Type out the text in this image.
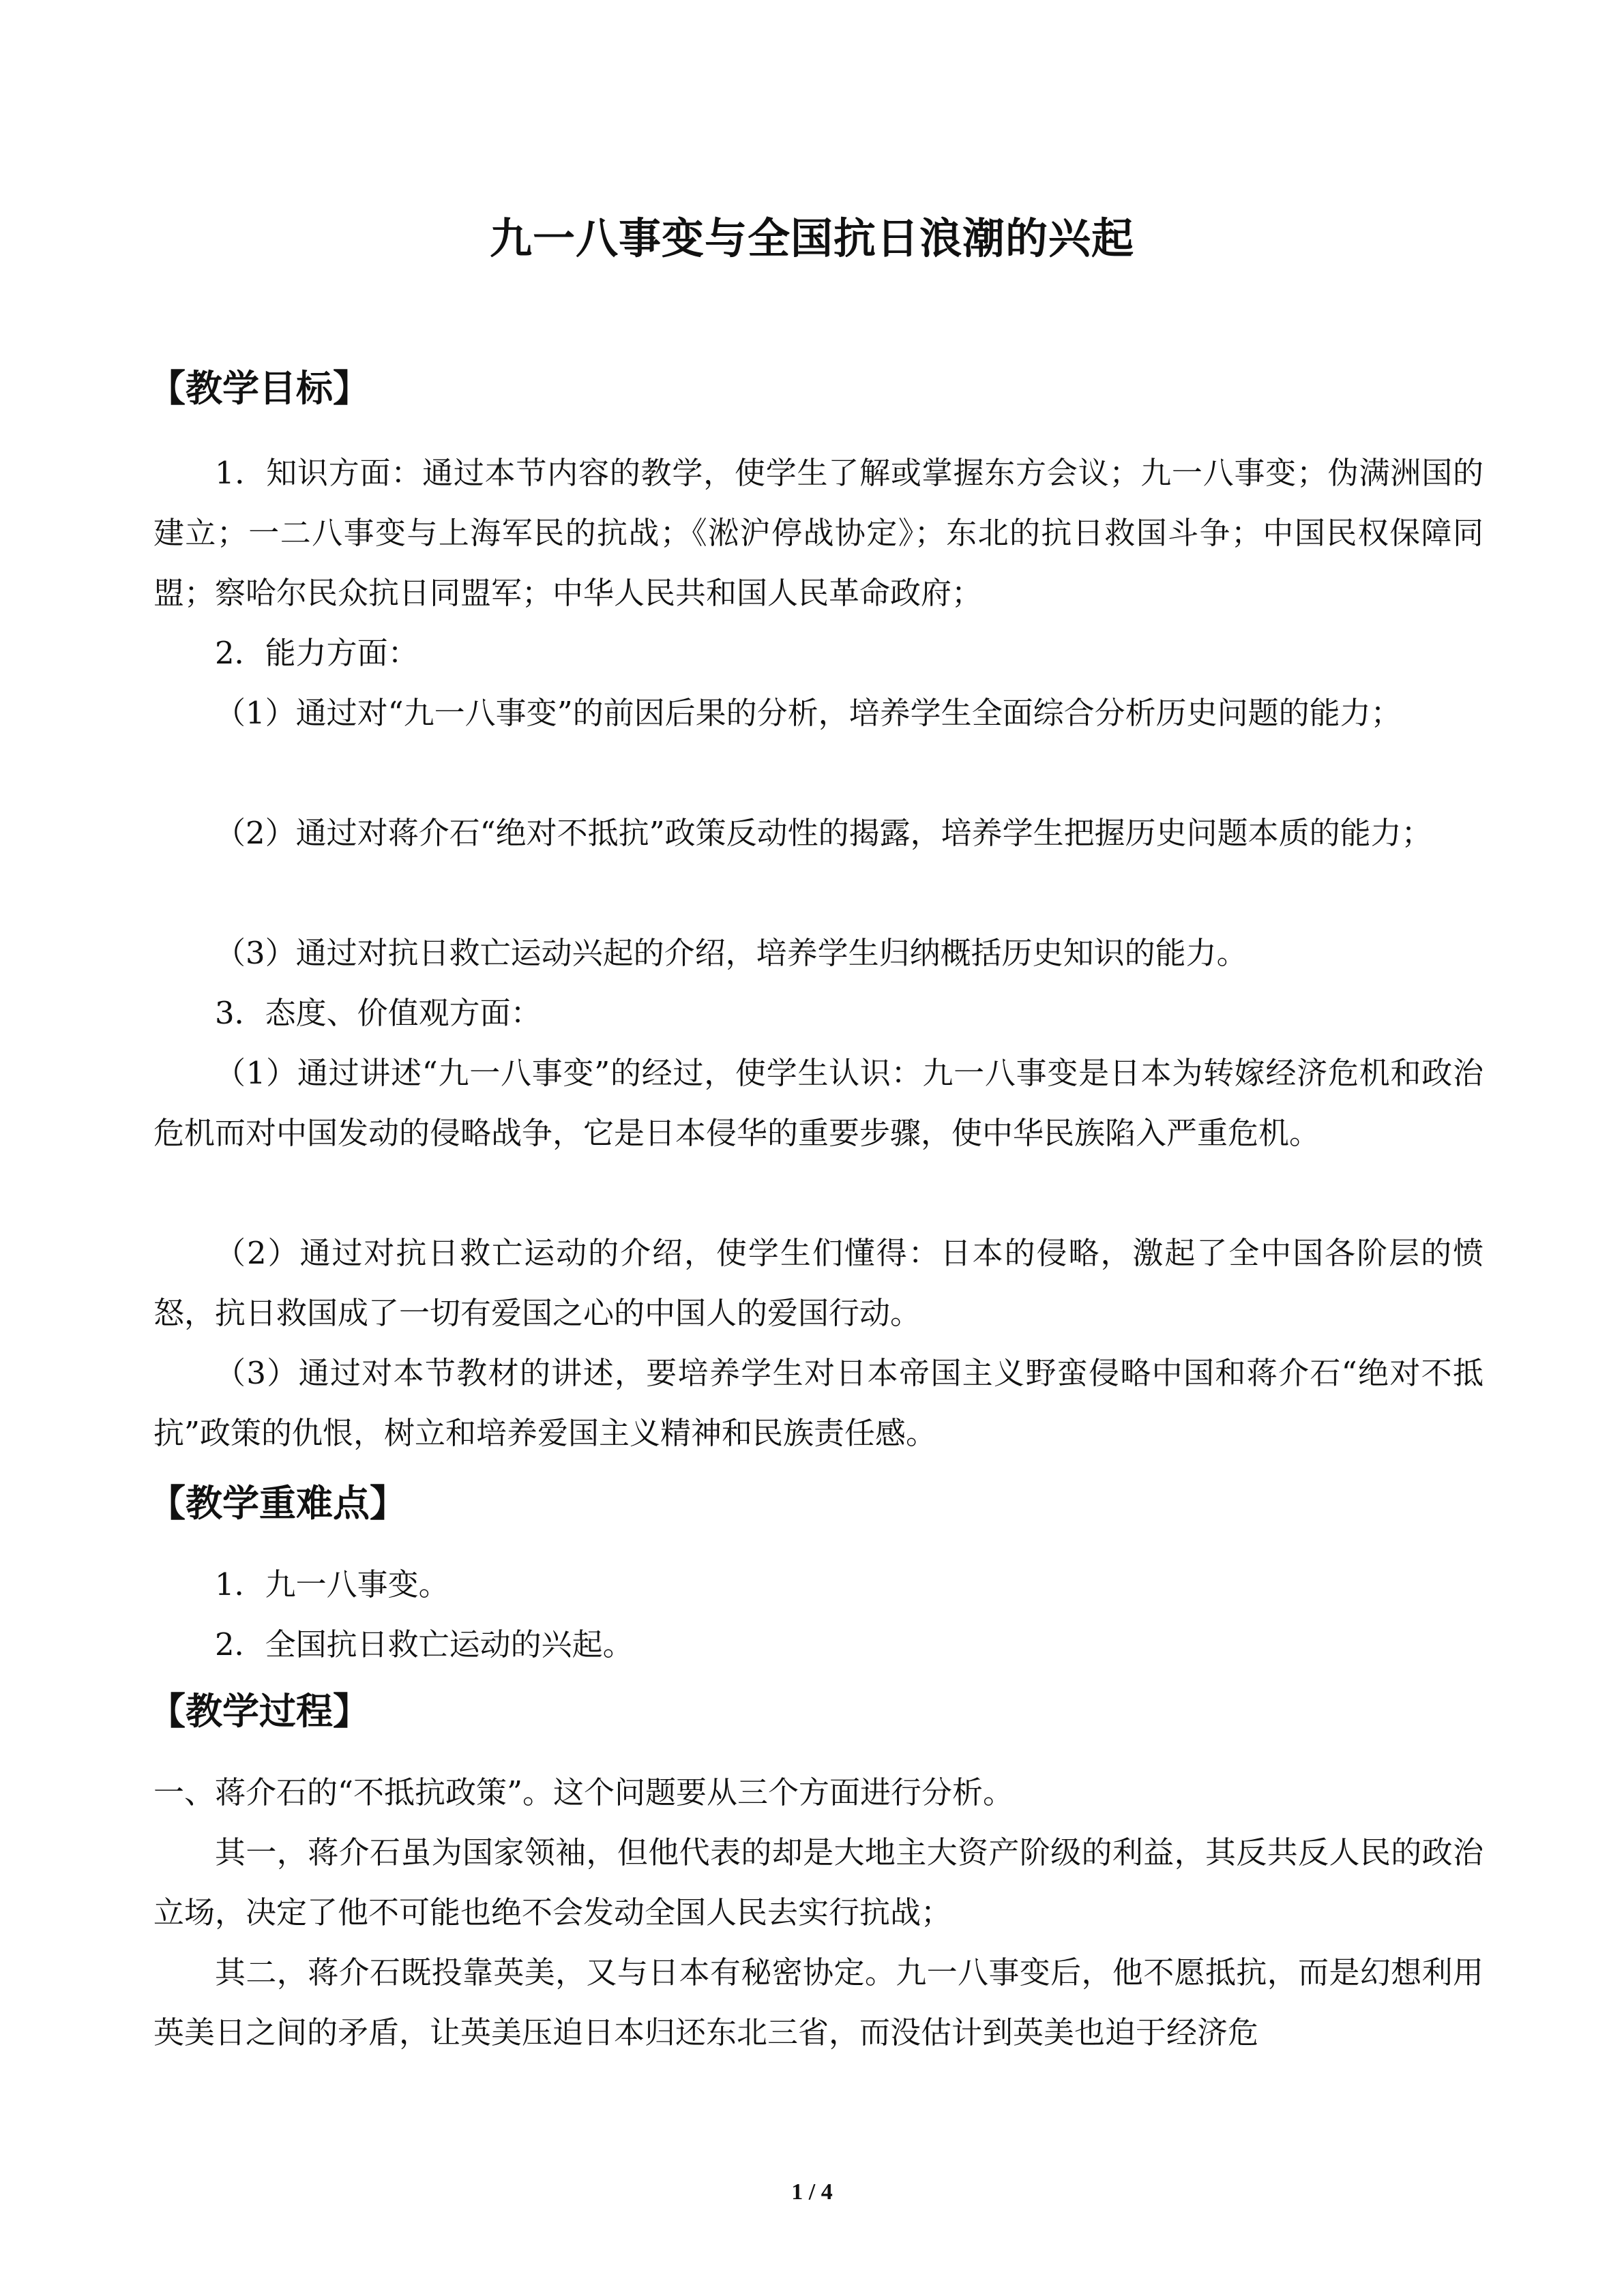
九一八事变与全国抗日浪潮的兴起
【教学目标】
1．知识方面：通过本节内容的教学，使学生了解或掌握东方会议；九一八事变；伪满洲国的建立；一二八事变与上海军民的抗战；《淞沪停战协定》；东北的抗日救国斗争；中国民权保障同盟；察哈尔民众抗日同盟军；中华人民共和国人民革命政府；
2．能力方面：
（1）通过对“九一八事变”的前因后果的分析，培养学生全面综合分析历史问题的能力；
（2）通过对蒋介石“绝对不抵抗”政策反动性的揭露，培养学生把握历史问题本质的能力；
（3）通过对抗日救亡运动兴起的介绍，培养学生归纳概括历史知识的能力。
3．态度、价值观方面：
（1）通过讲述“九一八事变”的经过，使学生认识：九一八事变是日本为转嫁经济危机和政治危机而对中国发动的侵略战争，它是日本侵华的重要步骤，使中华民族陷入严重危机。
（2）通过对抗日救亡运动的介绍，使学生们懂得：日本的侵略，激起了全中国各阶层的愤怒，抗日救国成了一切有爱国之心的中国人的爱国行动。
（3）通过对本节教材的讲述，要培养学生对日本帝国主义野蛮侵略中国和蒋介石“绝对不抵抗”政策的仇恨，树立和培养爱国主义精神和民族责任感。
【教学重难点】
1．九一八事变。
2．全国抗日救亡运动的兴起。
【教学过程】
一、蒋介石的“不抵抗政策”。这个问题要从三个方面进行分析。
其一，蒋介石虽为国家领袖，但他代表的却是大地主大资产阶级的利益，其反共反人民的政治立场，决定了他不可能也绝不会发动全国人民去实行抗战；
其二，蒋介石既投靠英美，又与日本有秘密协定。九一八事变后，他不愿抵抗，而是幻想利用英美日之间的矛盾，让英美压迫日本归还东北三省，而没估计到英美也迫于经济危
1 / 4
